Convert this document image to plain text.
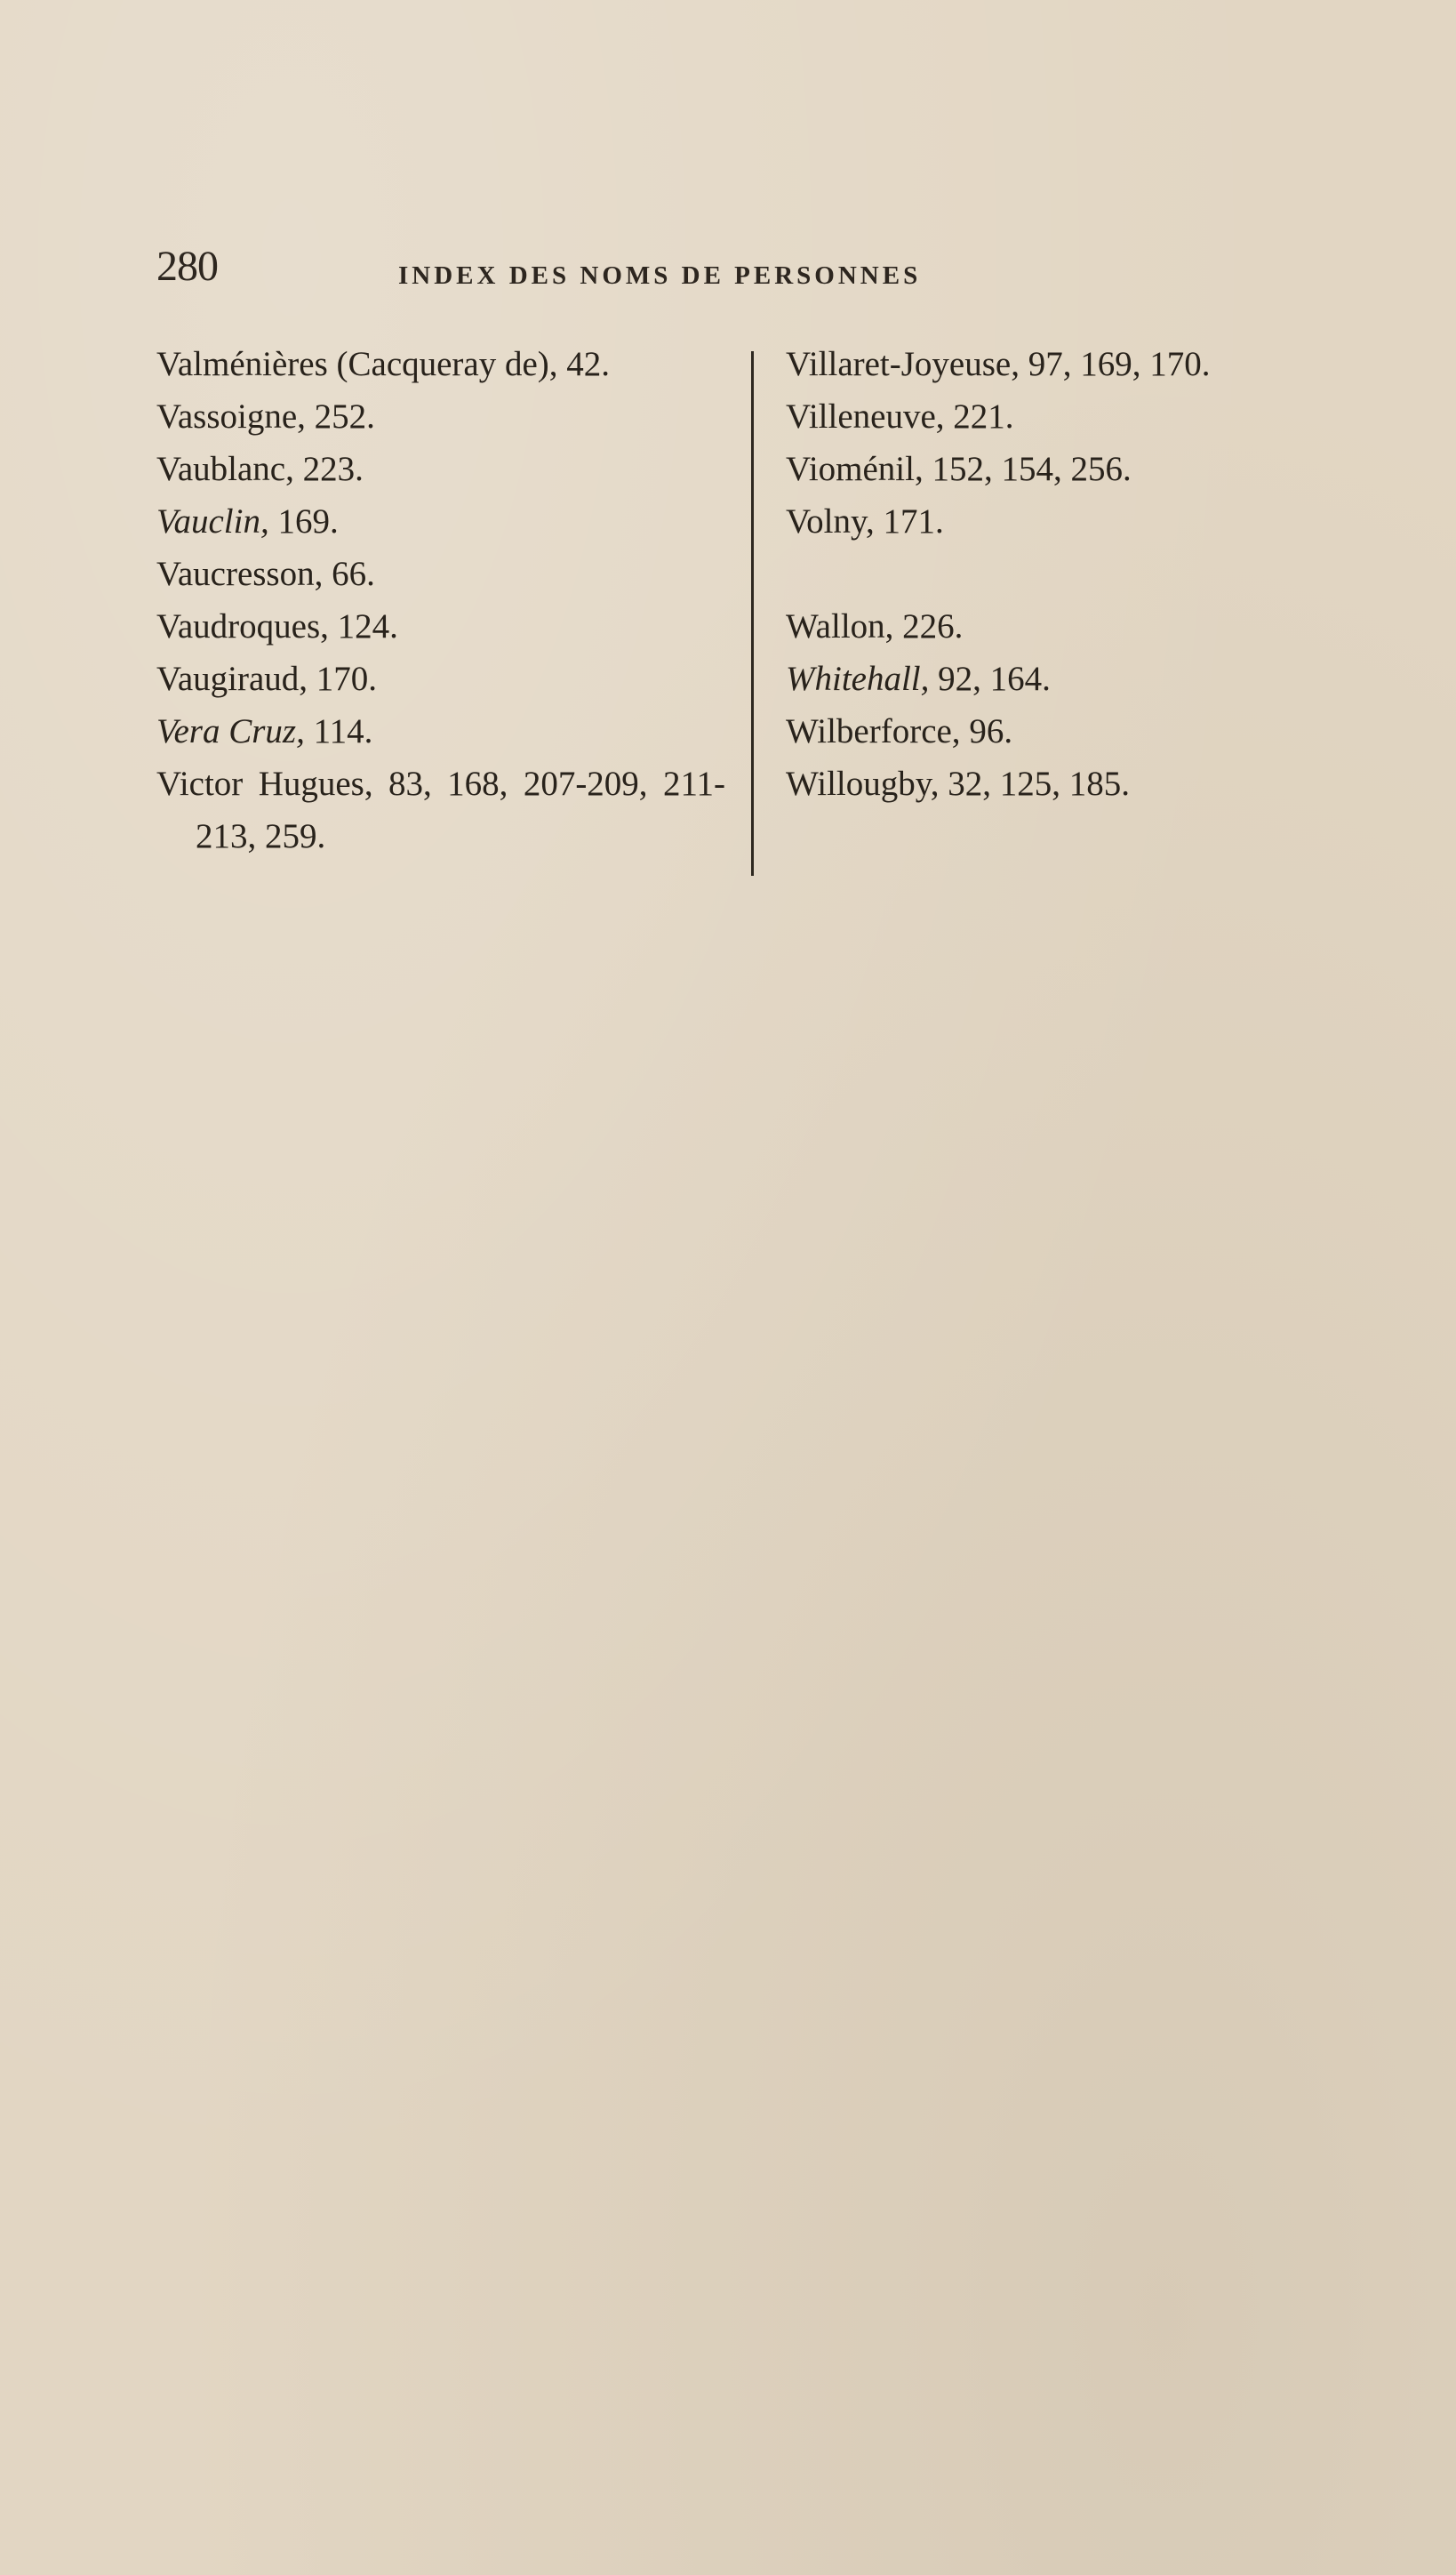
280	INDEX DES NOMS DE PERSONNES

Valménières (Cacqueray de), 42.

Vassoigne, 252.

Vaublanc, 223.

Vauclin, 169.

Vaucresson, 66.

Vaudroques, 124.

Vaugiraud, 170.

Vera Cruz, 114.

Victor Hugues, 83, 168, 207-209, 211-213, 259.

Villaret-Joyeuse, 97, 169, 170.

Villeneuve, 221.

Vioménil, 152, 154, 256.

Volny, 171.

Wallon, 226.

Whitehall, 92, 164.

Wilberforce, 96.

Willougby, 32, 125, 185.
